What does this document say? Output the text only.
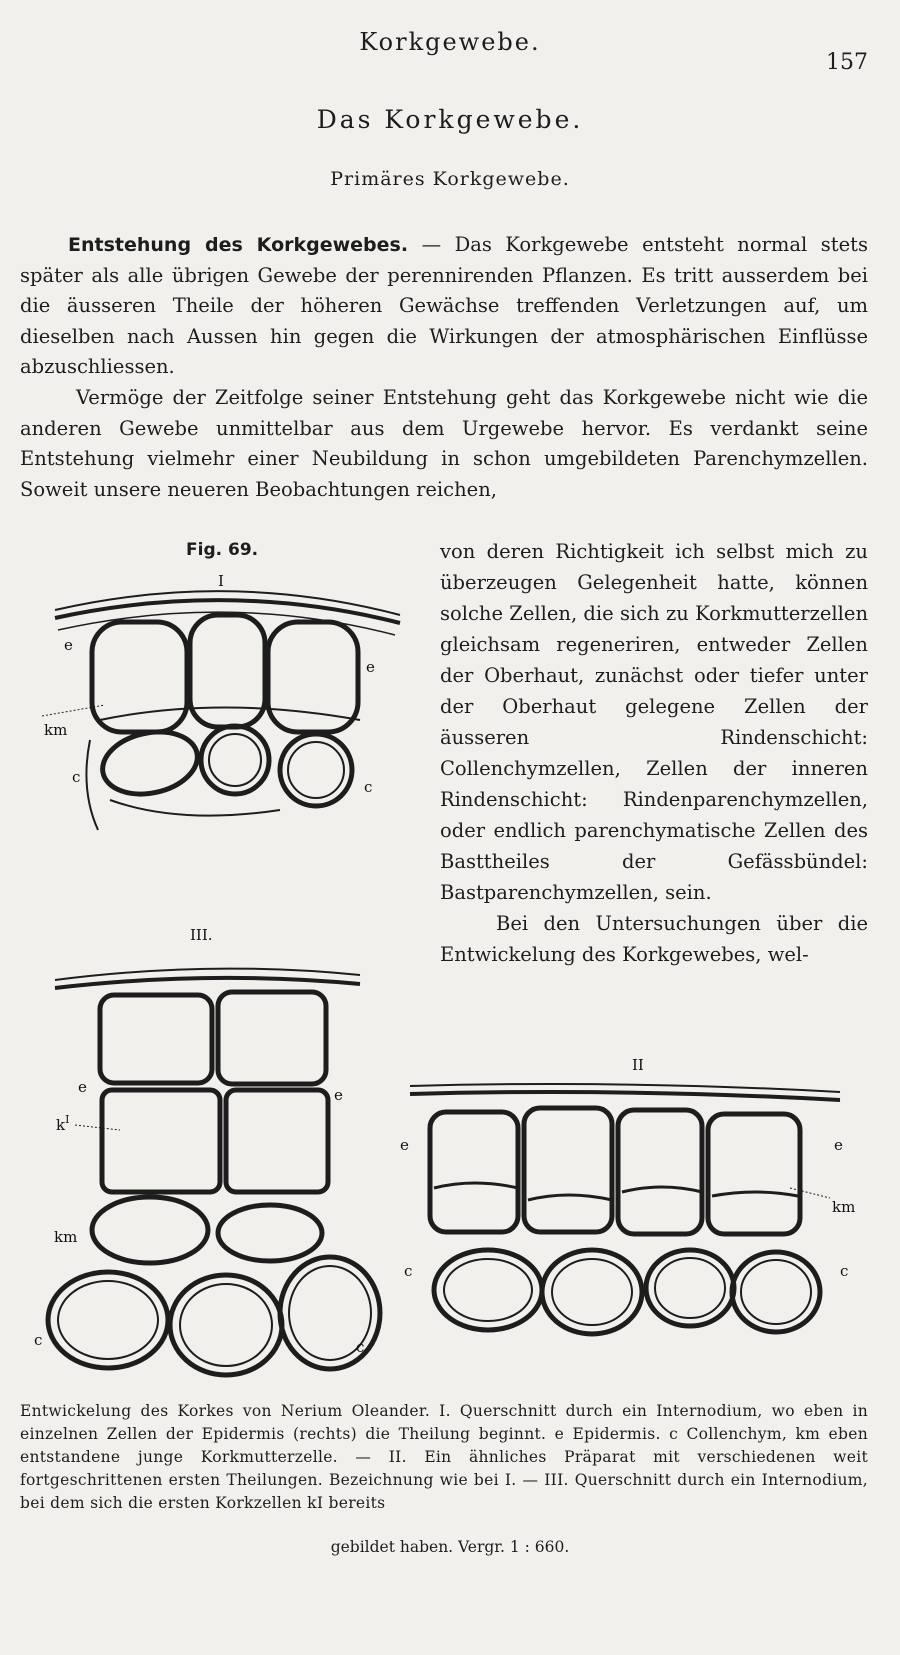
Korkgewebe.
157
Das Korkgewebe.
Primäres Korkgewebe.

Entstehung des Korkgewebes. — Das Korkgewebe entsteht normal stets später als alle übrigen Gewebe der perennirenden Pflanzen. Es tritt ausserdem bei die äusseren Theile der höheren Gewächse treffenden Verletzungen auf, um dieselben nach Aussen hin gegen die Wirkungen der atmosphärischen Einflüsse abzuschliessen.

Vermöge der Zeitfolge seiner Entstehung geht das Korkgewebe nicht wie die anderen Gewebe unmittelbar aus dem Urgewebe hervor. Es verdankt seine Entstehung vielmehr einer Neubildung in schon umgebildeten Parenchymzellen. Soweit unsere neueren Beobachtungen reichen,

Fig. 69.	von deren Richtigkeit ich selbst mich zu überzeugen Gelegenheit hatte, können solche Zellen, die sich zu Korkmutterzellen gleichsam regeneriren, entweder Zellen der Oberhaut, zunächst oder tiefer unter der Oberhaut gelegene Zellen der äusseren Rindenschicht: Collenchymzellen, Zellen der inneren Rindenschicht: Rindenparenchymzellen, oder endlich parenchymatische Zellen des Basttheiles der Gefässbündel: Bastparenchymzellen, sein.

Bei den Untersuchungen über die Entwickelung des Korkgewebes, wel-

I
e
e
km
c
c
III.
e	e
$k^I$
km
c	c
II
e	e
km
c	c
Entwickelung des Korkes von Nerium Oleander. I. Querschnitt durch ein Internodium, wo eben in einzelnen Zellen der Epidermis (rechts) die Theilung beginnt. e Epidermis. c Collenchym, km eben entstandene junge Korkmutterzelle. — II. Ein ähnliches Präparat mit verschiedenen weit fortgeschrittenen ersten Theilungen. Bezeichnung wie bei I. — III. Querschnitt durch ein Internodium, bei dem sich die ersten Korkzellen kI bereits
gebildet haben. Vergr. 1 : 660.
